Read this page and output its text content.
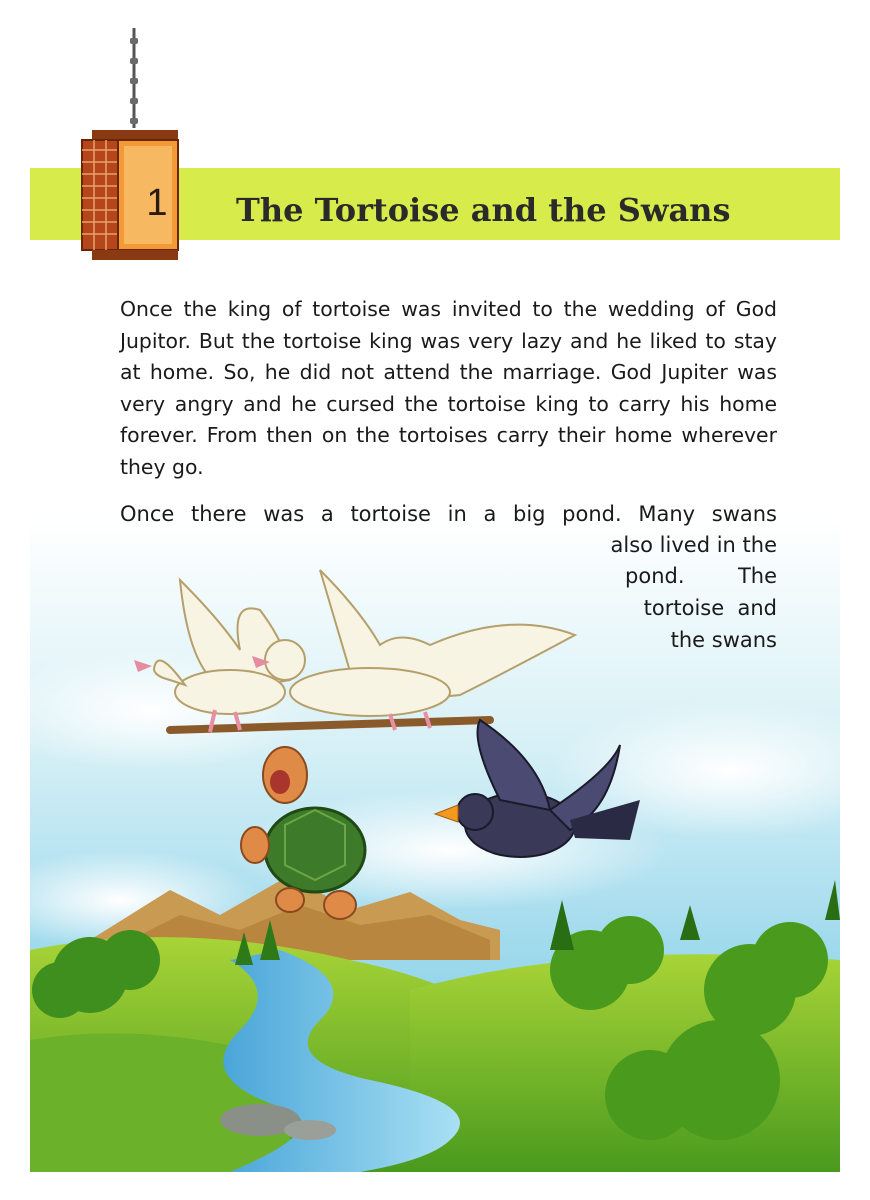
1 The Tortoise and the Swans

Once the king of tortoise was invited to the wedding of God Jupitor. But the tortoise king was very lazy and he liked to stay at home. So, he did not attend the marriage. God Jupiter was very angry and he cursed the tortoise king to carry his home forever. From then on the tortoises carry their home wherever they go.

Once there was a tortoise in a big pond. Many swans
also lived in the
pond.        The
tortoise  and
the swans
